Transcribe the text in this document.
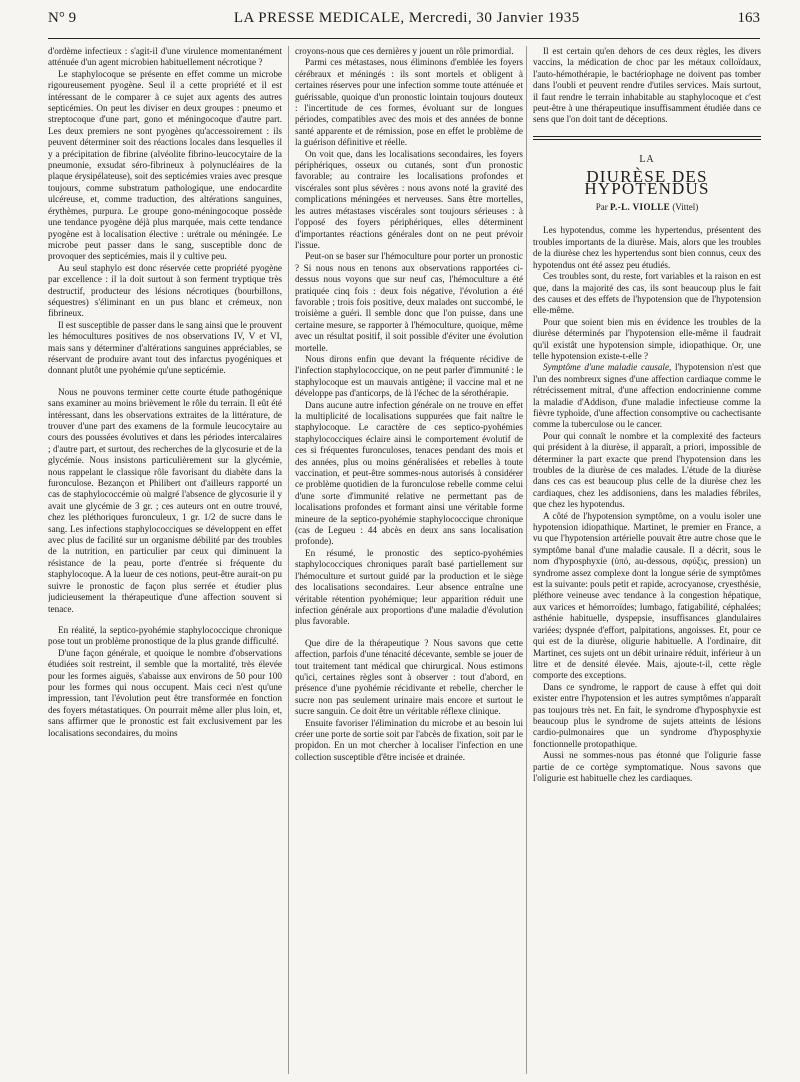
N° 9	LA PRESSE MEDICALE, Mercredi, 30 Janvier 1935	163

d'ordème infectieux : s'agit-il d'une virulence momentanément atténuée d'un agent microbien habituellement nécrotique ?

Le staphylocoque se présente en effet comme un microbe rigoureusement pyogène. Seul il a cette propriété et il est intéressant de le comparer à ce sujet aux agents des autres septicémies. On peut les diviser en deux groupes : pneumo et streptocoque d'une part, gono et méningocoque d'autre part. Les deux premiers ne sont pyogènes qu'accessoirement : ils peuvent déterminer soit des réactions locales dans lesquelles il y a précipitation de fibrine (alvéolite fibrino-leucocytaire de la pneumonie, exsudat séro-fibrineux à polynucléaires de la plaque érysipélateuse), soit des septicémies vraies avec presque toujours, comme substratum pathologique, une endocardite ulcéreuse, et, comme traduction, des altérations sanguines, érythèmes, purpura. Le groupe gono-méningocoque possède une tendance pyogène déjà plus marquée, mais cette tendance pyogène est à localisation élective : urétrale ou méningée. Le microbe peut passer dans le sang, susceptible donc de provoquer des septicémies, mais il y cultive peu.

Au seul staphylo est donc réservée cette propriété pyogène par excellence : il la doit surtout à son ferment tryptique très destructif, producteur des lésions nécrotiques (bourbillons, séquestres) s'éliminant en un pus blanc et crémeux, non fibrineux.

Il est susceptible de passer dans le sang ainsi que le prouvent les hémocultures positives de nos observations IV, V et VI, mais sans y déterminer d'altérations sanguines appréciables, se réservant de produire avant tout des infarctus pyogéniques et donnant plutôt une pyohémie qu'une septicémie.

Nous ne pouvons terminer cette courte étude pathogénique sans examiner au moins brièvement le rôle du terrain. Il eût été intéressant, dans les observations extraites de la littérature, de trouver d'une part des examens de la formule leucocytaire au cours des poussées évolutives et dans les périodes intercalaires ; d'autre part, et surtout, des recherches de la glycosurie et de la glycémie. Nous insistons particulièrement sur la glycémie, nous rappelant le classique rôle favorisant du diabète dans la furonculose. Bezançon et Philibert ont d'ailleurs rapporté un cas de staphylococcémie où malgré l'absence de glycosurie il y avait une glycémie de 3 gr. ; ces auteurs ont en outre trouvé, chez les pléthoriques furonculeux, 1 gr. 1/2 de sucre dans le sang. Les infections staphylococciques se développent en effet avec plus de facilité sur un organisme débilité par des troubles de la nutrition, en particulier par ceux qui diminuent la résistance de la peau, porte d'entrée si fréquente du staphylocoque. A la lueur de ces notions, peut-être aurait-on pu suivre le pronostic de façon plus serrée et étudier plus judicieusement la thérapeutique d'une affection souvent si tenace.

En réalité, la septico-pyohémie staphylococcique chronique pose tout un problème pronostique de la plus grande difficulté.

D'une façon générale, et quoique le nombre d'observations étudiées soit restreint, il semble que la mortalité, très élevée pour les formes aiguës, s'abaisse aux environs de 50 pour 100 pour les formes qui nous occupent. Mais ceci n'est qu'une impression, tant l'évolution peut être transformée en fonction des foyers métastatiques. On pourrait même aller plus loin, et, sans affirmer que le pronostic est fait exclusivement par les localisations secondaires, du moins

croyons-nous que ces dernières y jouent un rôle primordial.

Parmi ces métastases, nous éliminons d'emblée les foyers cérébraux et méningés : ils sont mortels et obligent à certaines réserves pour une infection somme toute atténuée et guérissable, quoique d'un pronostic lointain toujours douteux : l'incertitude de ces formes, évoluant sur de longues périodes, compatibles avec des mois et des années de bonne santé apparente et de rémission, pose en effet le problème de la guérison définitive et réelle.

On voit que, dans les localisations secondaires, les foyers périphériques, osseux ou cutanés, sont d'un pronostic favorable; au contraire les localisations profondes et viscérales sont plus sévères : nous avons noté la gravité des complications méningées et nerveuses. Sans être mortelles, les autres métastases viscérales sont toujours sérieuses : à l'opposé des foyers périphériques, elles déterminent d'importantes réactions générales dont on ne peut prévoir l'issue.

Peut-on se baser sur l'hémoculture pour porter un pronostic ? Si nous nous en tenons aux observations rapportées ci-dessus nous voyons que sur neuf cas, l'hémoculture a été pratiquée cinq fois : deux fois négative, l'évolution a été favorable ; trois fois positive, deux malades ont succombé, le troisième a guéri. Il semble donc que l'on puisse, dans une certaine mesure, se rapporter à l'hémoculture, quoique, même avec un résultat positif, il soit possible d'éviter une évolution mortelle.

Nous dirons enfin que devant la fréquente récidive de l'infection staphylococcique, on ne peut parler d'immunité : le staphylocoque est un mauvais antigène; il vaccine mal et ne développe pas d'anticorps, de là l'échec de la sérothérapie.

Dans aucune autre infection générale on ne trouve en effet la multiplicité de localisations suppurées que fait naître le staphylocoque. Le caractère de ces septico-pyohémies staphylococciques éclaire ainsi le comportement évolutif de ces si fréquentes furonculoses, tenaces pendant des mois et des années, plus ou moins généralisées et rebelles à toute vaccination, et peut-être sommes-nous autorisés à considérer ce problème quotidien de la furonculose rebelle comme celui d'une sorte d'immunité relative ne permettant pas de localisations profondes et formant ainsi une véritable forme mineure de la septico-pyohémie staphylococcique chronique (cas de Legueu : 44 abcès en deux ans sans localisation profonde).

En résumé, le pronostic des septico-pyohémies staphylococciques chroniques paraît basé partiellement sur l'hémoculture et surtout guidé par la production et le siège des localisations secondaires. Leur absence entraîne une véritable rétention pyohémique; leur apparition réduit une infection générale aux proportions d'une maladie d'évolution plus favorable.

Que dire de la thérapeutique ? Nous savons que cette affection, parfois d'une ténacité décevante, semble se jouer de tout traitement tant médical que chirurgical. Nous estimons qu'ici, certaines règles sont à observer : tout d'abord, en présence d'une pyohémie récidivante et rebelle, chercher le sucre non pas seulement urinaire mais encore et surtout le sucre sanguin. Ce doit être un véritable réflexe clinique.

Ensuite favoriser l'élimination du microbe et au besoin lui créer une porte de sortie soit par l'abcès de fixation, soit par le propidon. En un mot chercher à localiser l'infection en une collection susceptible d'être incisée et drainée.

Il est certain qu'en dehors de ces deux règles, les divers vaccins, la médication de choc par les métaux colloïdaux, l'auto-hémothérapie, le bactériophage ne doivent pas tomber dans l'oubli et peuvent rendre d'utiles services. Mais surtout, il faut rendre le terrain inhabitable au staphylocoque et c'est peut-être à une thérapeutique insuffisamment étudiée dans ce sens que l'on doit tant de déceptions.

LA
DIURÈSE DES HYPOTENDUS
Par P.-L. VIOLLE (Vittel)

Les hypotendus, comme les hypertendus, présentent des troubles importants de la diurèse. Mais, alors que les troubles de la diurèse chez les hypertendus sont bien connus, ceux des hypotendus ont été assez peu étudiés.

Ces troubles sont, du reste, fort variables et la raison en est que, dans la majorité des cas, ils sont beaucoup plus le fait des causes et des effets de l'hypotension que de l'hypotension elle-même.

Pour que soient bien mis en évidence les troubles de la diurèse déterminés par l'hypotension elle-même il faudrait qu'il existât une hypotension simple, idiopathique. Or, une telle hypotension existe-t-elle ?

Symptôme d'une maladie causale, l'hypotension n'est que l'un des nombreux signes d'une affection cardiaque comme le rétrécissement mitral, d'une affection endocrinienne comme la maladie d'Addison, d'une maladie infectieuse comme la fièvre typhoïde, d'une affection consomptive ou cachectisante comme la tuberculose ou le cancer.

Pour qui connaît le nombre et la complexité des facteurs qui président à la diurèse, il apparaît, a priori, impossible de déterminer la part exacte que prend l'hypotension dans les troubles de la diurèse de ces malades. L'étude de la diurèse dans ces cas est beaucoup plus celle de la diurèse chez les cardiaques, chez les addisoniens, dans les maladies fébriles, que chez les hypotendus.

A côté de l'hypotension symptôme, on a voulu isoler une hypotension idiopathique. Martinet, le premier en France, a vu que l'hypotension artérielle pouvait être autre chose que le symptôme banal d'une maladie causale. Il a décrit, sous le nom d'hyposphyxie (ὑπό, au-dessous, σφύξις, pression) un syndrome assez complexe dont la longue série de symptômes est la suivante: pouls petit et rapide, acrocyanose, cryesthésie, pléthore veineuse avec tendance à la congestion hépatique, aux varices et hémorroïdes; lumbago, fatigabilité, céphalées; asthénie habituelle, dyspepsie, insuffisances glandulaires variées; dyspnée d'effort, palpitations, angoisses. Et, pour ce qui est de la diurèse, oligurie habituelle. A l'ordinaire, dit Martinet, ces sujets ont un débit urinaire réduit, inférieur à un litre et de densité élevée. Mais, ajoute-t-il, cette règle comporte des exceptions.

Dans ce syndrome, le rapport de cause à effet qui doit exister entre l'hypotension et les autres symptômes n'apparaît pas toujours très net. En fait, le syndrome d'hyposphyxie est beaucoup plus le syndrome de sujets atteints de lésions cardio-pulmonaires que un syndrome d'hyposphyxie fonctionnelle protopathique.

Aussi ne sommes-nous pas étonné que l'oligurie fasse partie de ce cortège symptomatique. Nous savons que l'oligurie est habituelle chez les cardiaques.
